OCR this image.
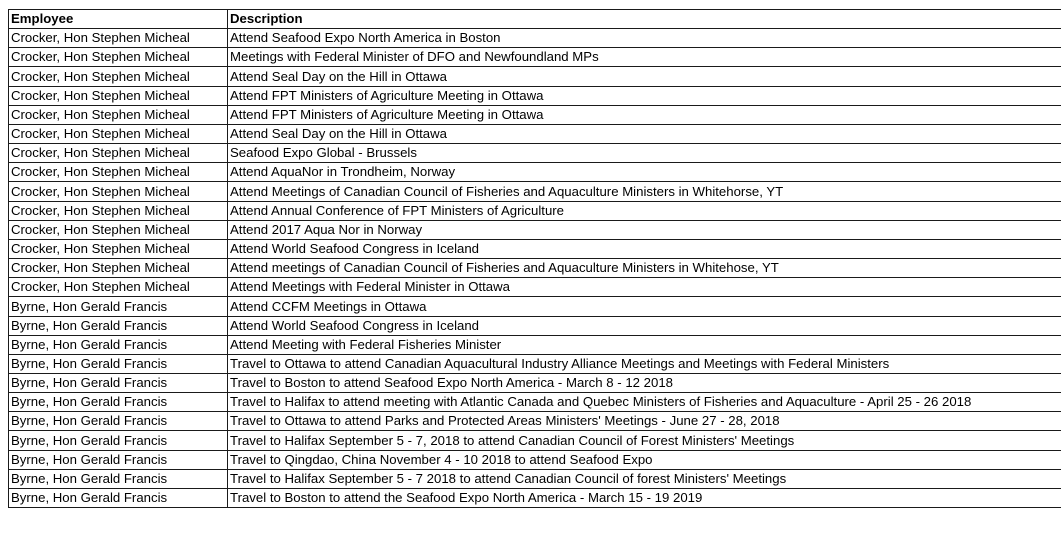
Employee	Description
Crocker, Hon Stephen Micheal	Attend Seafood Expo North America in Boston
Crocker, Hon Stephen Micheal	Meetings with Federal Minister of DFO and Newfoundland MPs
Crocker, Hon Stephen Micheal	Attend Seal Day on the Hill in Ottawa
Crocker, Hon Stephen Micheal	Attend FPT Ministers of Agriculture Meeting in Ottawa
Crocker, Hon Stephen Micheal	Attend FPT Ministers of Agriculture Meeting in Ottawa
Crocker, Hon Stephen Micheal	Attend Seal Day on the Hill in Ottawa
Crocker, Hon Stephen Micheal	Seafood Expo Global - Brussels
Crocker, Hon Stephen Micheal	Attend AquaNor in Trondheim, Norway
Crocker, Hon Stephen Micheal	Attend Meetings of Canadian Council of Fisheries and Aquaculture Ministers in Whitehorse, YT
Crocker, Hon Stephen Micheal	Attend Annual Conference of FPT Ministers of Agriculture
Crocker, Hon Stephen Micheal	Attend 2017 Aqua Nor in Norway
Crocker, Hon Stephen Micheal	Attend World Seafood Congress in Iceland
Crocker, Hon Stephen Micheal	Attend meetings of Canadian Council of Fisheries and Aquaculture Ministers in Whitehose, YT
Crocker, Hon Stephen Micheal	Attend Meetings with Federal Minister in Ottawa
Byrne, Hon Gerald Francis	Attend CCFM Meetings in Ottawa
Byrne, Hon Gerald Francis	Attend World Seafood Congress in Iceland
Byrne, Hon Gerald Francis	Attend Meeting with Federal Fisheries Minister
Byrne, Hon Gerald Francis	Travel to Ottawa to attend Canadian Aquacultural Industry Alliance Meetings and Meetings with Federal Ministers
Byrne, Hon Gerald Francis	Travel to Boston to attend Seafood Expo North America - March 8 - 12 2018
Byrne, Hon Gerald Francis	Travel to Halifax to attend meeting with Atlantic Canada and Quebec Ministers of Fisheries and Aquaculture - April 25 - 26 2018
Byrne, Hon Gerald Francis	Travel to Ottawa to attend Parks and Protected Areas Ministers' Meetings - June 27 - 28, 2018
Byrne, Hon Gerald Francis	Travel to Halifax September 5 - 7, 2018 to attend Canadian Council of Forest Ministers' Meetings
Byrne, Hon Gerald Francis	Travel to Qingdao, China November 4 - 10 2018 to attend Seafood Expo
Byrne, Hon Gerald Francis	Travel to Halifax September 5 - 7 2018 to attend Canadian Council of forest Ministers' Meetings
Byrne, Hon Gerald Francis	Travel to Boston to attend the Seafood Expo North America - March 15 - 19 2019
